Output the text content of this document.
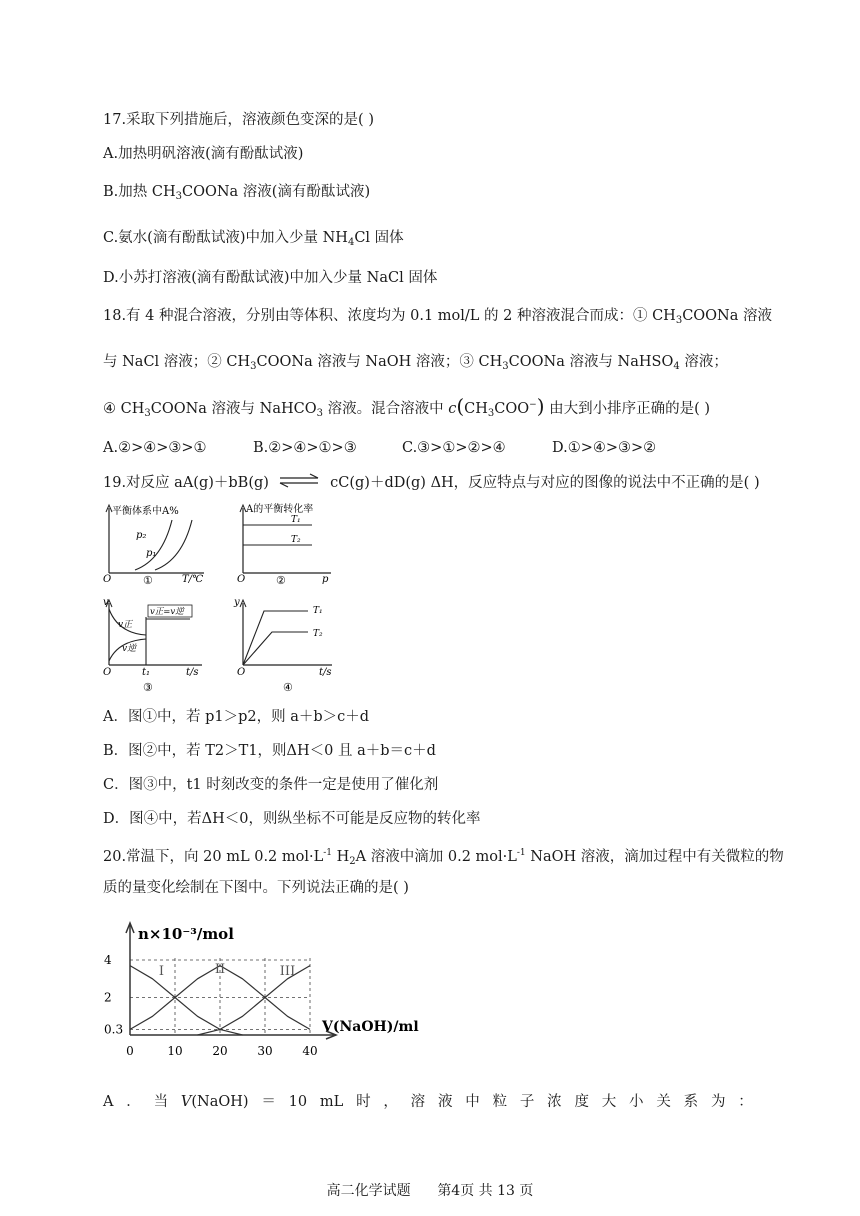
17.采取下列措施后，溶液颜色变深的是( )
A.加热明矾溶液(滴有酚酞试液)
B.加热 $CH_3COONa$ 溶液(滴有酚酞试液)
C.氨水(滴有酚酞试液)中加入少量 $NH_4Cl$ 固体
D.小苏打溶液(滴有酚酞试液)中加入少量 NaCl 固体
18.有 4 种混合溶液，分别由等体积、浓度均为 0.1 mol/L 的 2 种溶液混合而成：① $CH_3COONa$ 溶液
与 NaCl 溶液；② $CH_3COONa$ 溶液与 NaOH 溶液；③ $CH_3COONa$ 溶液与 NaHSO$_4$ 溶液；
④ $CH_3COONa$ 溶液与 NaHCO$_3$ 溶液。混合溶液中 $c(CH_3COO^-)$ 由大到小排序正确的是( )
A.②>④>③>①	B.②>④>①>③	C.③>①>②>④	D.①>④>③>②
19.对反应 aA(g)＋bB(g) ⇌ cC(g)＋dD(g) ΔH，反应特点与对应的图像的说法中不正确的是( )
平衡体系中A%
p₂
p₁
O	T/℃
①
A的平衡转化率
T₁
T₂
O	p
②
v
v正
v逆
v正=v逆
O	t₁	t/s
③
y
T₁
T₂
O	t/s
④
A．图①中，若 p1＞p2，则 a＋b＞c＋d
B．图②中，若 T2＞T1，则ΔH＜0 且 a＋b＝c＋d
C．图③中，t1 时刻改变的条件一定是使用了催化剂
D．图④中，若ΔH＜0，则纵坐标不可能是反应物的转化率
20.常温下，向 20 mL 0.2 $mol\cdot L^{-1}$ $H_2A$ 溶液中滴加 0.2 $mol\cdot L^{-1}$ NaOH 溶液，滴加过程中有关微粒的物
质的量变化绘制在下图中。下列说法正确的是( )
n×10⁻³/mol
V(NaOH)/ml
4
2
0.3
0	10 20 30 40
I	II	III
A ． 当 V(NaOH) ＝ 10 mL 时 ， 溶 液 中 粒 子 浓 度 大 小 关 系 为 ：
高二化学试题 第4页 共 13 页
